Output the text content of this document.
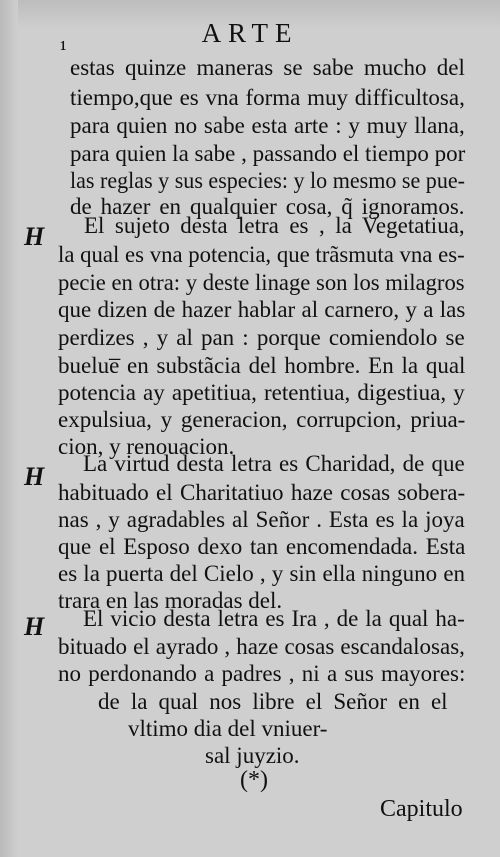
ARTE
¹
estas quinze maneras se sabe mucho del
tiempo,que es vna forma muy difficultosa,
para quien no sabe esta arte : y muy llana,
para quien la sabe , passando el tiempo por
las reglas y sus especies: y lo mesmo se pue-
de hazer en qualquier cosa, q̃ ignoramos.
El sujeto desta letra es , la Vegetatiua,
la qual es vna potencia, que trãsmuta vna es-
pecie en otra: y deste linage son los milagros
que dizen de hazer hablar al carnero, y a las
perdizes , y al pan : porque comiendolo se
buelue̅ en substãcia del hombre. En la qual
potencia ay apetitiua, retentiua, digestiua, y
expulsiua, y generacion, corrupcion, priua-
cion, y renouacion.
La virtud desta letra es Charidad, de que
habituado el Charitatiuo haze cosas sobera-
nas , y agradables al Señor . Esta es la joya
que el Esposo dexo tan encomendada. Esta
es la puerta del Cielo , y sin ella ninguno en
trara en las moradas del.
El vicio desta letra es Ira , de la qual ha-
bituado el ayrado , haze cosas escandalosas,
no perdonando a padres , ni a sus mayores:
de la qual nos libre el Señor en el
vltimo dia del vniuer-
sal juyzio.
H
H
H
(*)
Capitulo
